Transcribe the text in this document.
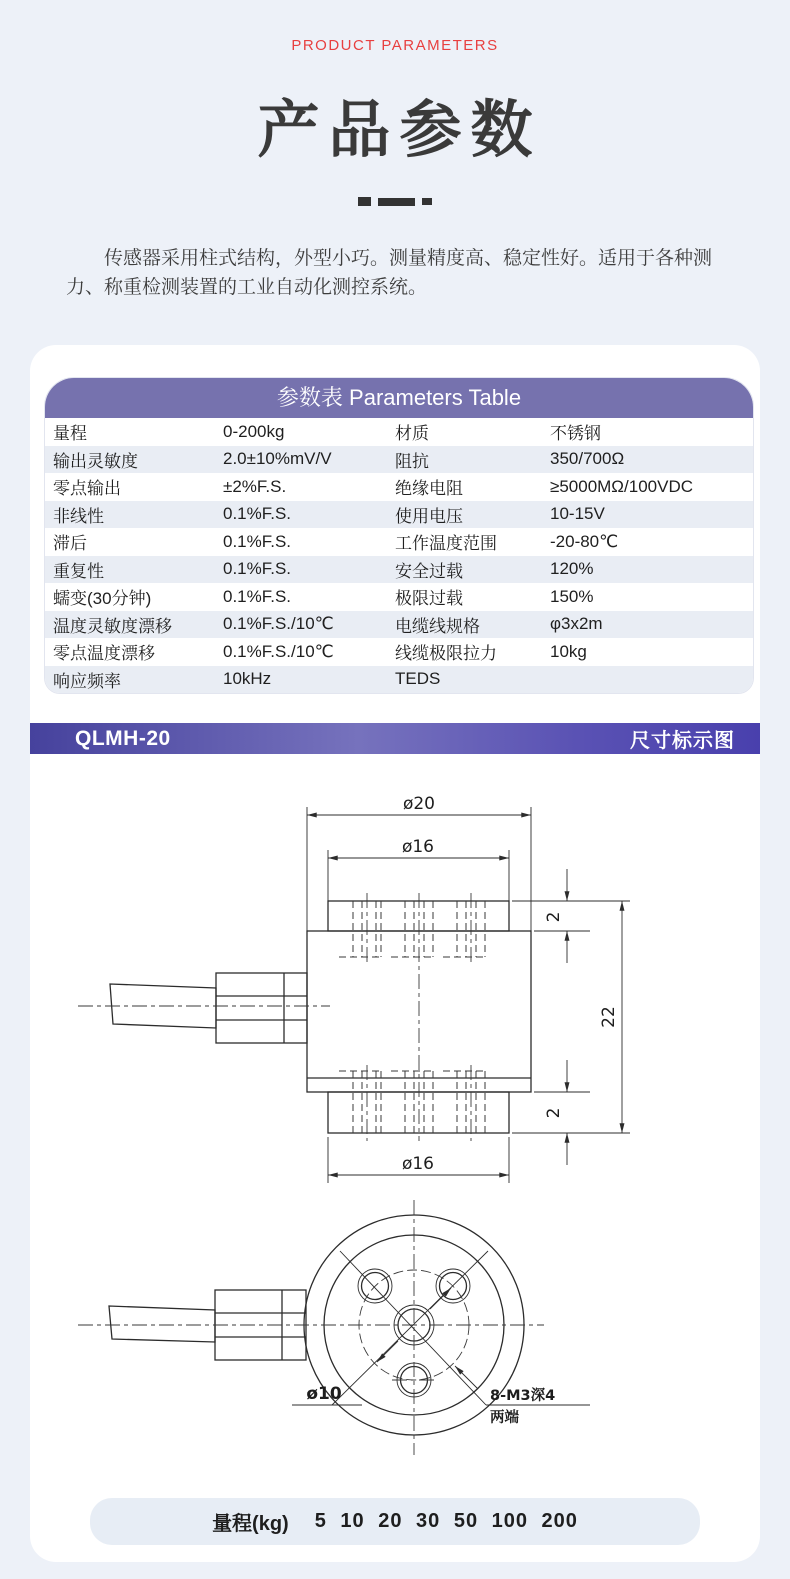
PRODUCT PARAMETERS
产品参数

传感器采用柱式结构，外型小巧。测量精度高、稳定性好。适用于各种测力、称重检测装置的工业自动化测控系统。

参数表 Parameters Table
量程	0-200kg	材质	不锈钢
输出灵敏度	2.0±10%mV/V	阻抗	350/700Ω
零点输出	±2%F.S.	绝缘电阻	≥5000MΩ/100VDC
非线性	0.1%F.S.	使用电压	10-15V
滞后	0.1%F.S.	工作温度范围	-20-80℃
重复性	0.1%F.S.	安全过载	120%
蠕变(30分钟)	0.1%F.S.	极限过载	150%
温度灵敏度漂移	0.1%F.S./10℃	电缆线规格	φ3x2m
零点温度漂移	0.1%F.S./10℃	线缆极限拉力	10kg
响应频率	10kHz	TEDS
QLMH-20	尺寸标示图
ø20
ø16
2
22
2
ø16
ø10	8-M3深4
两端
量程(kg) 5 10 20 30 50 100 200
